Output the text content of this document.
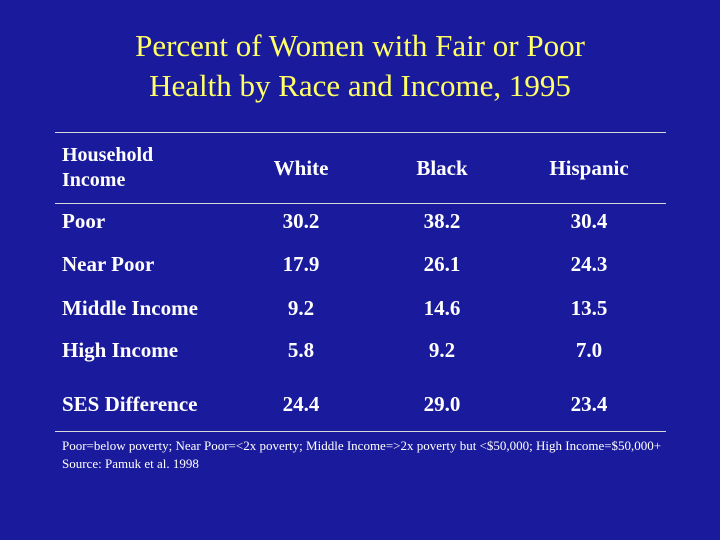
Percent of Women with Fair or Poor
Health by Race and Income, 1995
Household
Income	White	Black	Hispanic
Poor	30.2	38.2	30.4
Near Poor	17.9	26.1	24.3
Middle Income	9.2	14.6	13.5
High Income	5.8	9.2	7.0
SES Difference	24.4	29.0	23.4
Poor=below poverty; Near Poor=<2x poverty; Middle Income=>2x poverty but <$50,000; High Income=$50,000+
Source: Pamuk et al. 1998
